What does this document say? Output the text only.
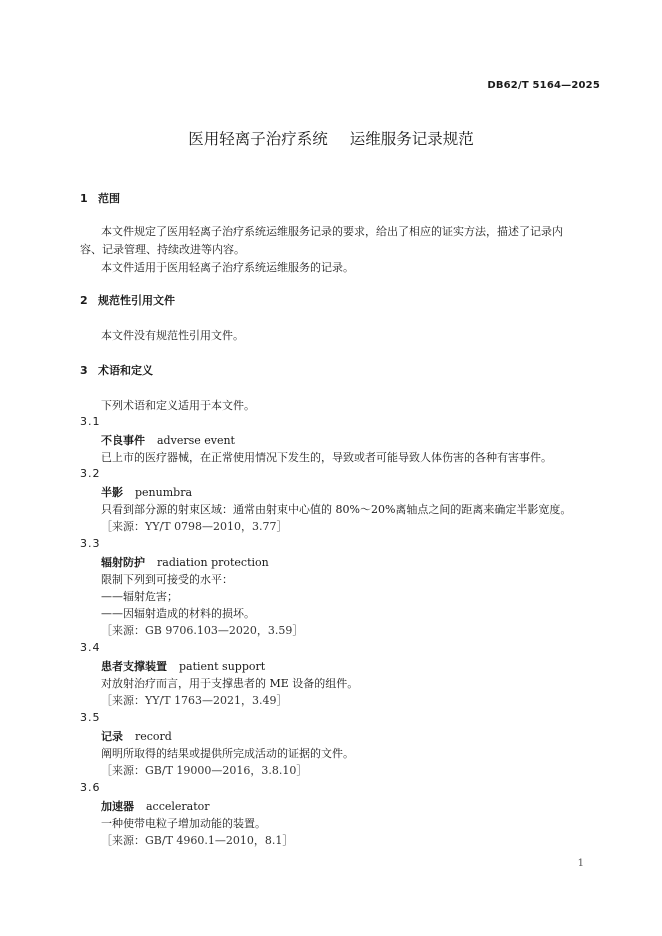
DB62/T 5164—2025
医用轻离子治疗系统 运维服务记录规范
1 范围
本文件规定了医用轻离子治疗系统运维服务记录的要求，给出了相应的证实方法，描述了记录内
容、记录管理、持续改进等内容。
本文件适用于医用轻离子治疗系统运维服务的记录。
2 规范性引用文件
本文件没有规范性引用文件。
3 术语和定义
下列术语和定义适用于本文件。
3.1
不良事件 adverse event
已上市的医疗器械，在正常使用情况下发生的，导致或者可能导致人体伤害的各种有害事件。
3.2
半影 penumbra
只看到部分源的射束区域：通常由射束中心值的 80%～20%离轴点之间的距离来确定半影宽度。
［来源：YY/T 0798—2010，3.77］
3.3
辐射防护 radiation protection
限制下列到可接受的水平：
——辐射危害；
——因辐射造成的材料的损坏。
［来源：GB 9706.103—2020，3.59］
3.4
患者支撑装置 patient support
对放射治疗而言，用于支撑患者的 ME 设备的组件。
［来源：YY/T 1763—2021，3.49］
3.5
记录 record
阐明所取得的结果或提供所完成活动的证据的文件。
［来源：GB/T 19000—2016，3.8.10］
3.6
加速器 accelerator
一种使带电粒子增加动能的装置。
［来源：GB/T 4960.1—2010，8.1］
1
